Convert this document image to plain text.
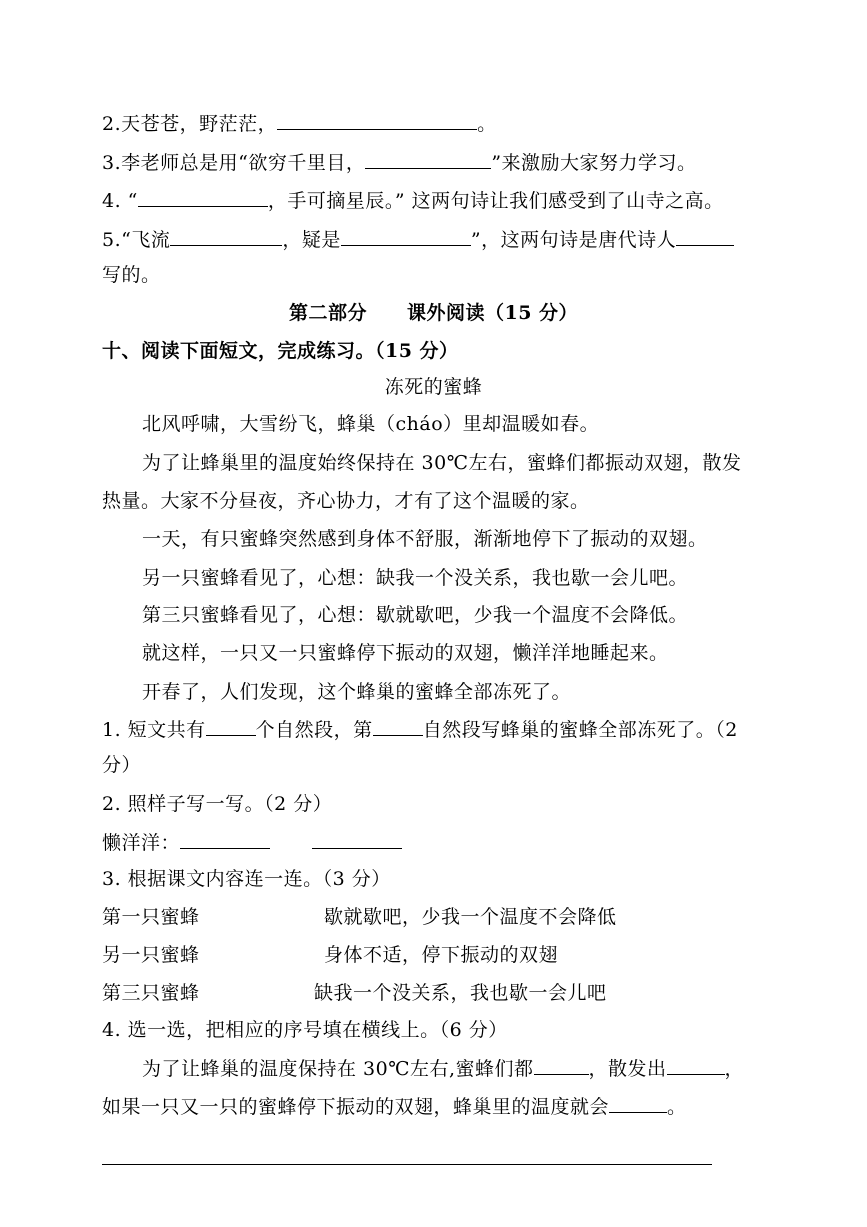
2.天苍苍，野茫茫，	。
3.李老师总是用“欲穷千里目，	”来激励大家努力学习。
4. “	，手可摘星辰。” 这两句诗让我们感受到了山寺之高。
5.“飞流	，疑是	”，这两句诗是唐代诗人
写的。
第二部分 课外阅读（15 分）
十、阅读下面短文，完成练习。（15 分）
冻死的蜜蜂
北风呼啸，大雪纷飞，蜂巢（cháo）里却温暖如春。
为了让蜂巢里的温度始终保持在 30℃左右，蜜蜂们都振动双翅，散发
热量。大家不分昼夜，齐心协力，才有了这个温暖的家。
一天，有只蜜蜂突然感到身体不舒服，渐渐地停下了振动的双翅。
另一只蜜蜂看见了，心想：缺我一个没关系，我也歇一会儿吧。
第三只蜜蜂看见了，心想：歇就歇吧，少我一个温度不会降低。
就这样，一只又一只蜜蜂停下振动的双翅，懒洋洋地睡起来。
开春了，人们发现，这个蜂巢的蜜蜂全部冻死了。
1. 短文共有	个自然段，第	自然段写蜂巢的蜜蜂全部冻死了。（2
分）
2. 照样子写一写。（2 分）
懒洋洋：
3. 根据课文内容连一连。（3 分）
第一只蜜蜂	歇就歇吧，少我一个温度不会降低
另一只蜜蜂	身体不适，停下振动的双翅
第三只蜜蜂	缺我一个没关系，我也歇一会儿吧
4. 选一选，把相应的序号填在横线上。（6 分）
为了让蜂巢的温度保持在 30℃左右,蜜蜂们都	，散发出	，
如果一只又一只的蜜蜂停下振动的双翅，蜂巢里的温度就会	。
